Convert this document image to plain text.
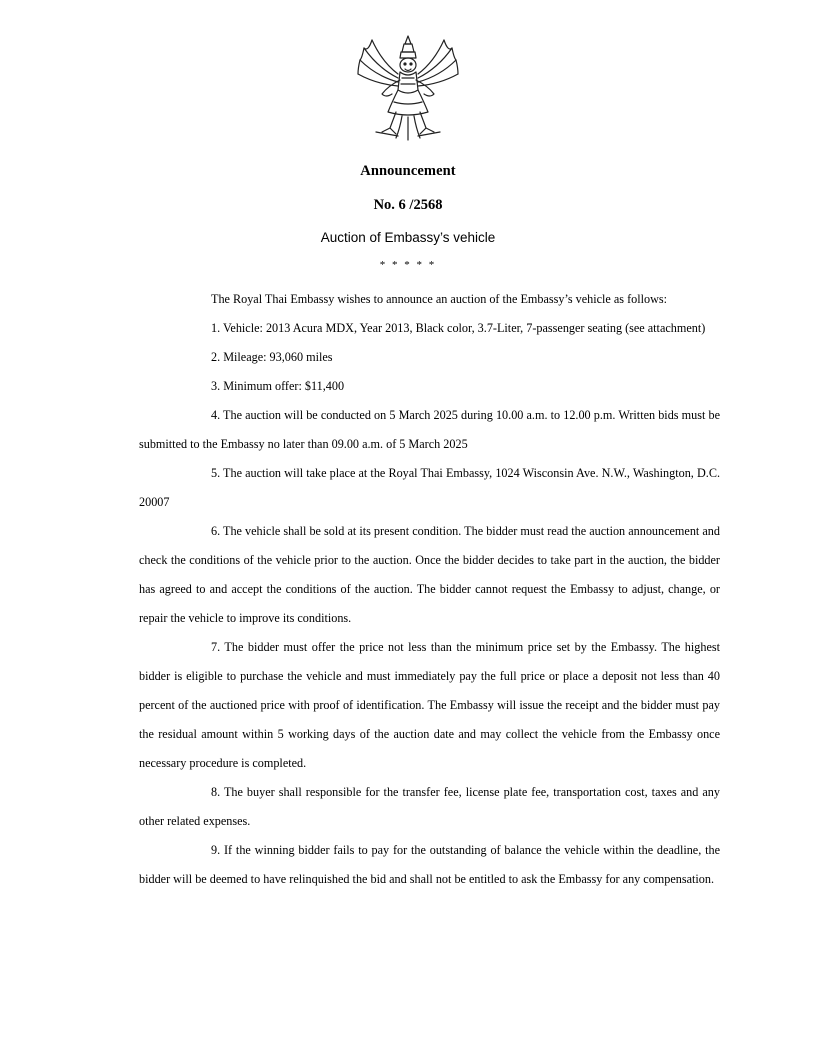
Announcement
No. 6 /2568
Auction of Embassy’s vehicle
* * * * *

The Royal Thai Embassy wishes to announce an auction of the Embassy’s vehicle as follows:

1. Vehicle: 2013 Acura MDX, Year 2013, Black color, 3.7-Liter, 7-passenger seating (see attachment)

2. Mileage: 93,060 miles

3. Minimum offer: $11,400

4. The auction will be conducted on 5 March 2025 during 10.00 a.m. to 12.00 p.m. Written bids must be submitted to the Embassy no later than 09.00 a.m. of 5 March 2025

5. The auction will take place at the Royal Thai Embassy, 1024 Wisconsin Ave. N.W., Washington, D.C. 20007

6. The vehicle shall be sold at its present condition. The bidder must read the auction announcement and check the conditions of the vehicle prior to the auction. Once the bidder decides to take part in the auction, the bidder has agreed to and accept the conditions of the auction. The bidder cannot request the Embassy to adjust, change, or repair the vehicle to improve its conditions.

7. The bidder must offer the price not less than the minimum price set by the Embassy. The highest bidder is eligible to purchase the vehicle and must immediately pay the full price or place a deposit not less than 40 percent of the auctioned price with proof of identification. The Embassy will issue the receipt and the bidder must pay the residual amount within 5 working days of the auction date and may collect the vehicle from the Embassy once necessary procedure is completed.

8. The buyer shall responsible for the transfer fee, license plate fee, transportation cost, taxes and any other related expenses.

9. If the winning bidder fails to pay for the outstanding of balance the vehicle within the deadline, the bidder will be deemed to have relinquished the bid and shall not be entitled to ask the Embassy for any compensation.
